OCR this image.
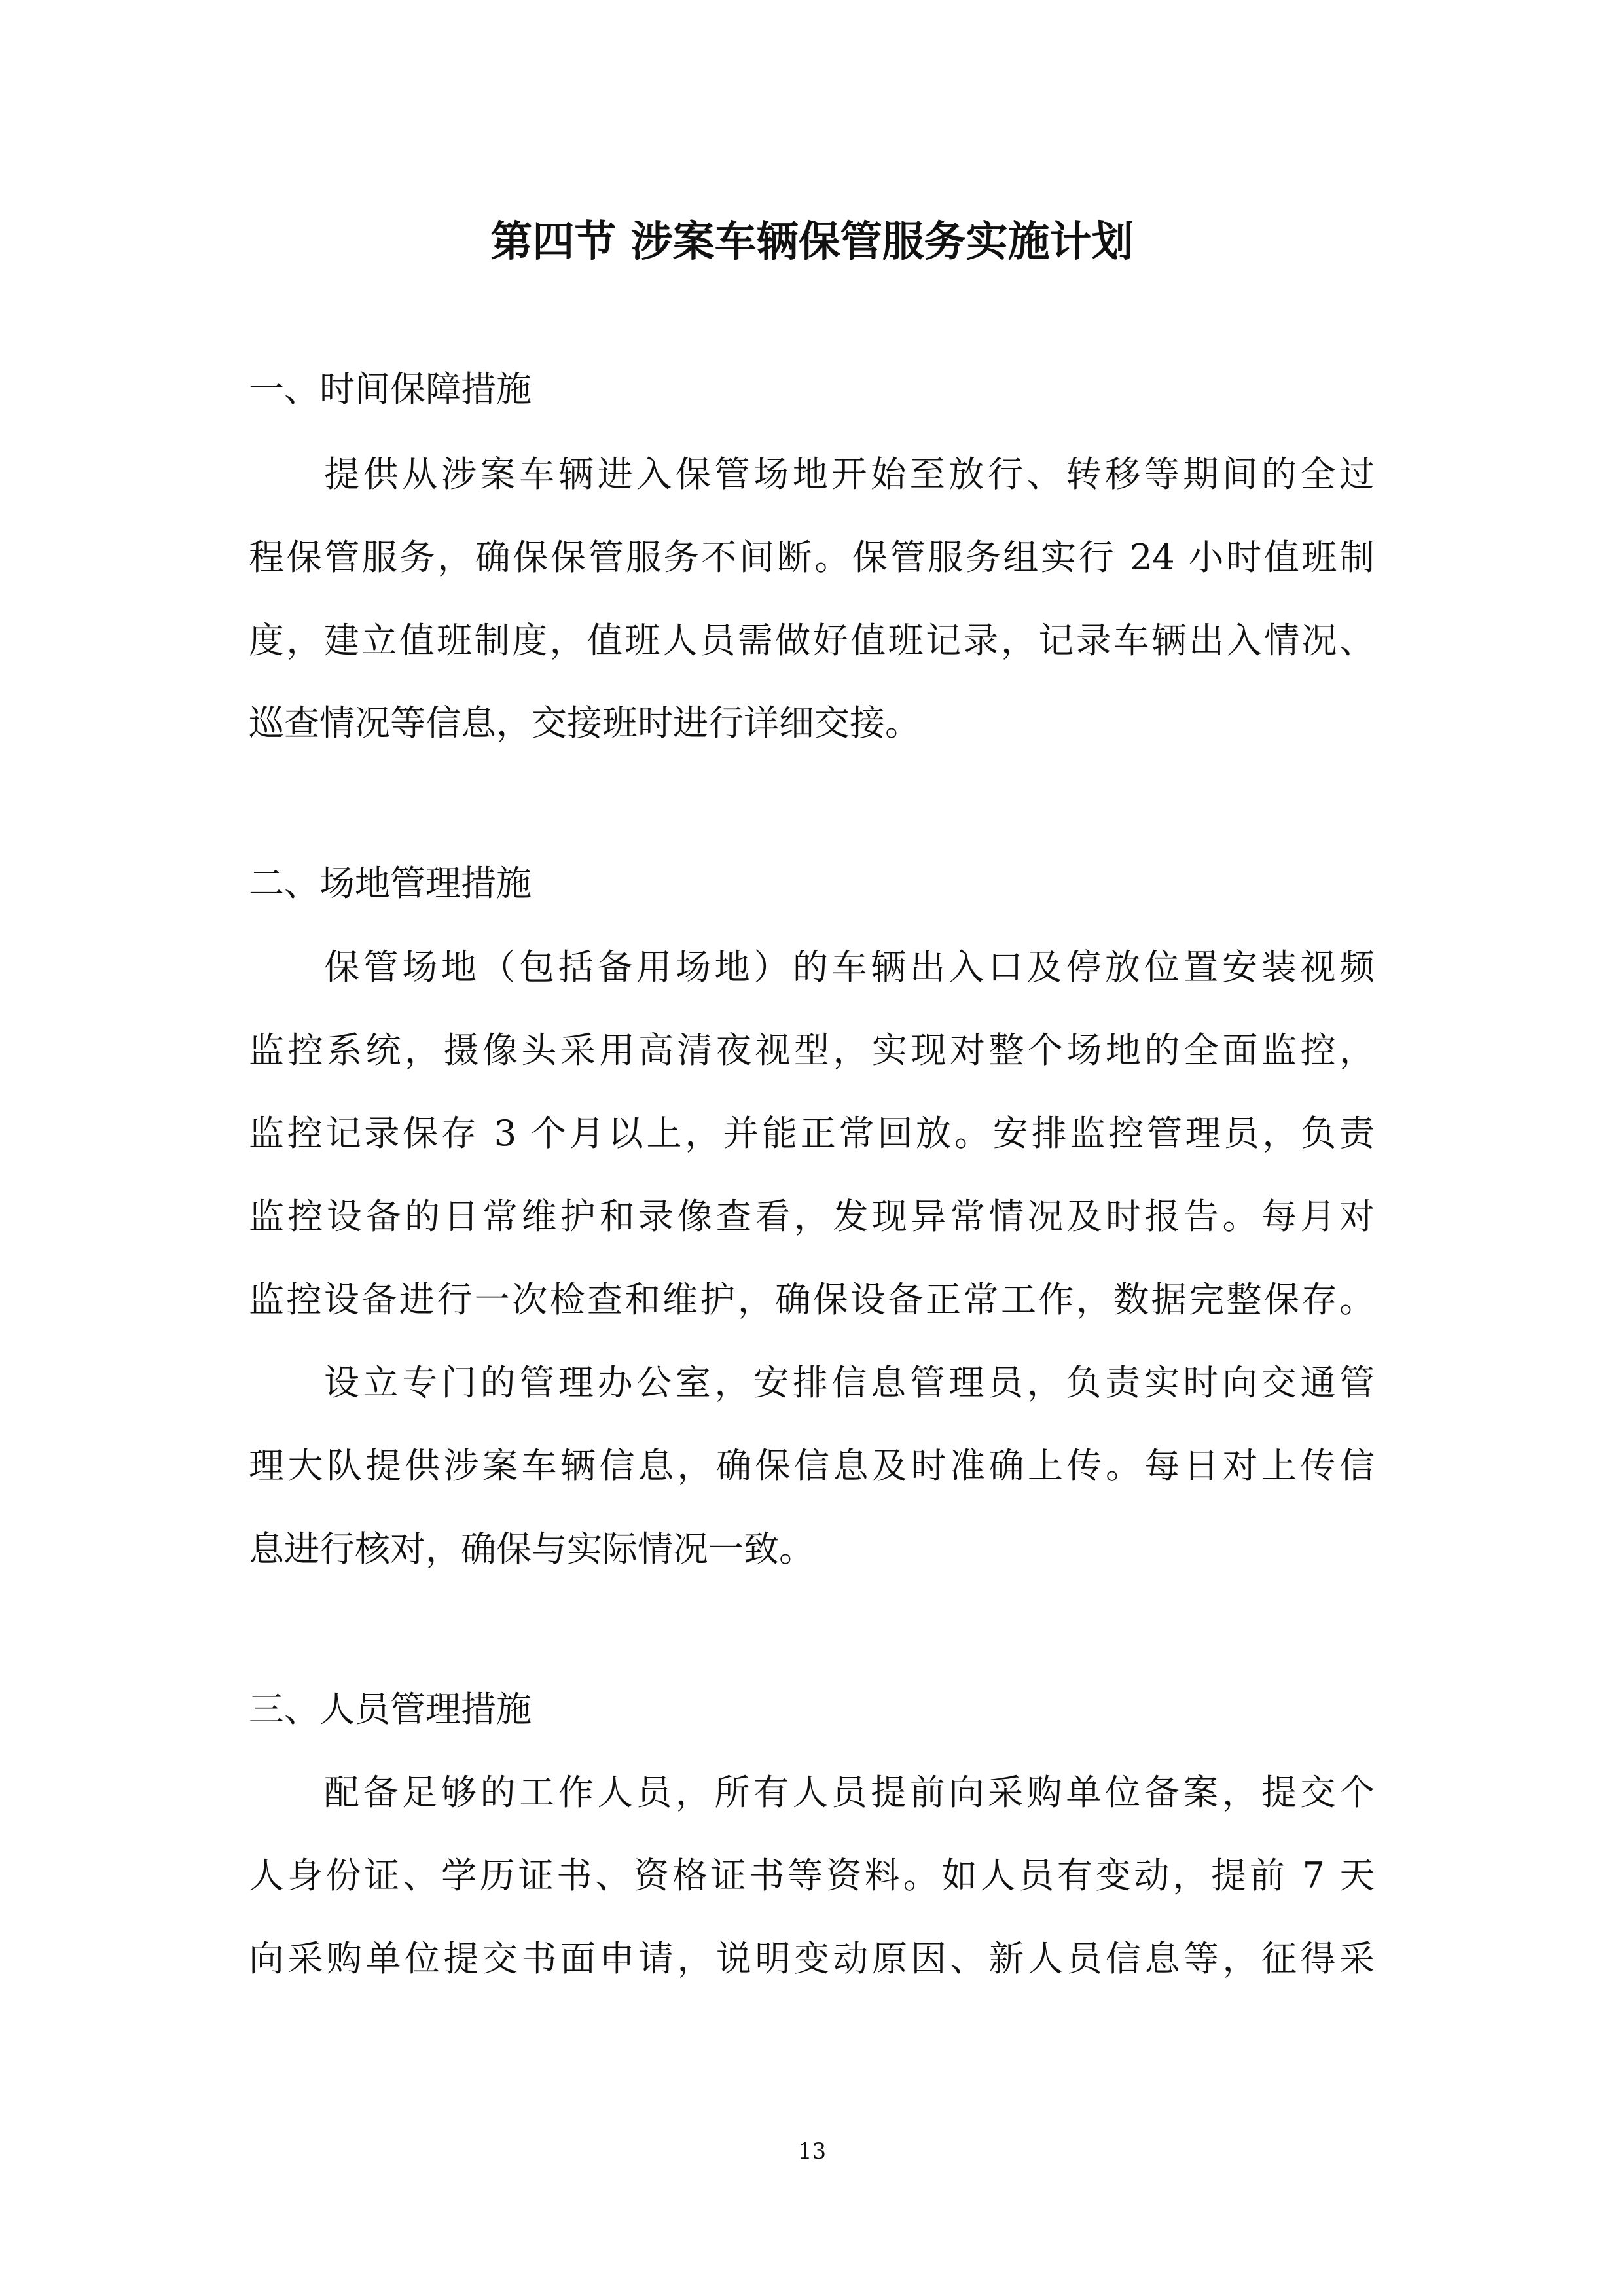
第四节 涉案车辆保管服务实施计划

一、时间保障措施

提供从涉案车辆进入保管场地开始至放行、转移等期间的全过

程保管服务，确保保管服务不间断。保管服务组实行 24 小时值班制

度，建立值班制度，值班人员需做好值班记录，记录车辆出入情况、

巡查情况等信息，交接班时进行详细交接。

二、场地管理措施

保管场地（包括备用场地）的车辆出入口及停放位置安装视频

监控系统，摄像头采用高清夜视型，实现对整个场地的全面监控，

监控记录保存 3 个月以上，并能正常回放。安排监控管理员，负责

监控设备的日常维护和录像查看，发现异常情况及时报告。每月对

监控设备进行一次检查和维护，确保设备正常工作，数据完整保存。

设立专门的管理办公室，安排信息管理员，负责实时向交通管

理大队提供涉案车辆信息，确保信息及时准确上传。每日对上传信

息进行核对，确保与实际情况一致。

三、人员管理措施

配备足够的工作人员，所有人员提前向采购单位备案，提交个

人身份证、学历证书、资格证书等资料。如人员有变动，提前 7 天

向采购单位提交书面申请，说明变动原因、新人员信息等，征得采

13
